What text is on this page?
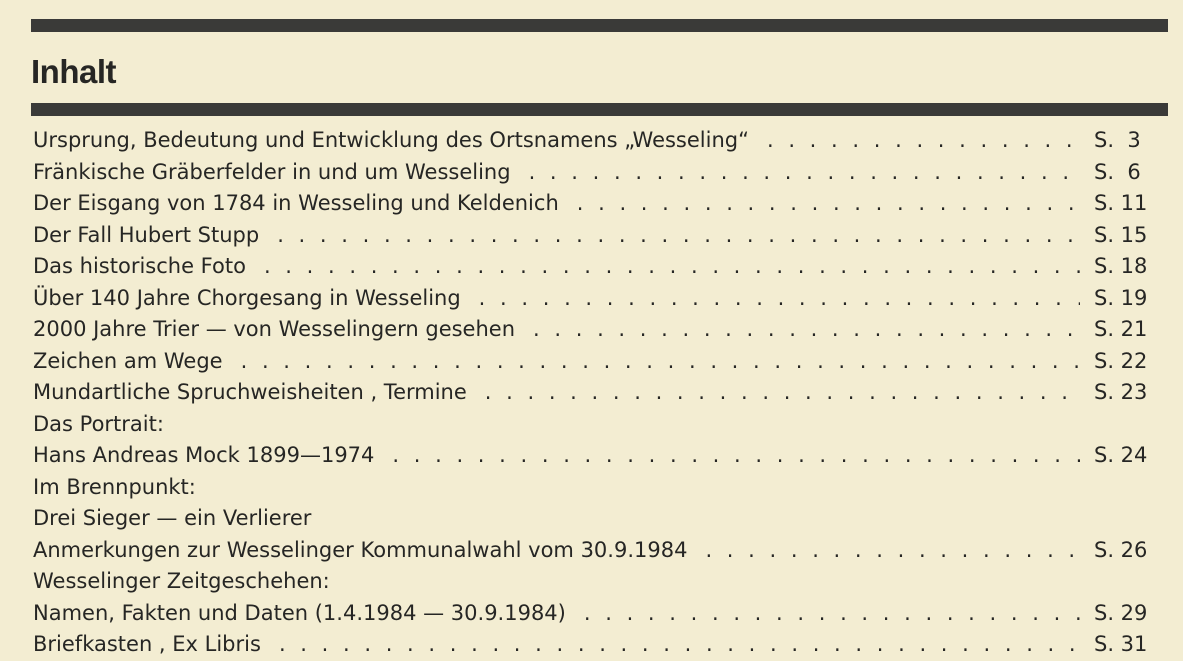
Inhalt
Ursprung, Bedeutung und Entwicklung des Ortsnamens „Wesseling“ . . .	S.  3
Fränkische Gräberfelder in und um Wesseling . . .	S.  6
Der Eisgang von 1784 in Wesseling und Keldenich . . .	S. 11
Der Fall Hubert Stupp . . .	S. 15
Das historische Foto . . .	S. 18
Über 140 Jahre Chorgesang in Wesseling . . .	S. 19
2000 Jahre Trier — von Wesselingern gesehen . . .	S. 21
Zeichen am Wege . . .	S. 22
Mundartliche Spruchweisheiten , Termine . . .	S. 23
Das Portrait:
Hans Andreas Mock 1899—1974 . . .	S. 24
Im Brennpunkt:
Drei Sieger — ein Verlierer
Anmerkungen zur Wesselinger Kommunalwahl vom 30.9.1984 . . .	S. 26
Wesselinger Zeitgeschehen:
Namen, Fakten und Daten (1.4.1984 — 30.9.1984) . . .	S. 29
Briefkasten , Ex Libris . . .	S. 31
